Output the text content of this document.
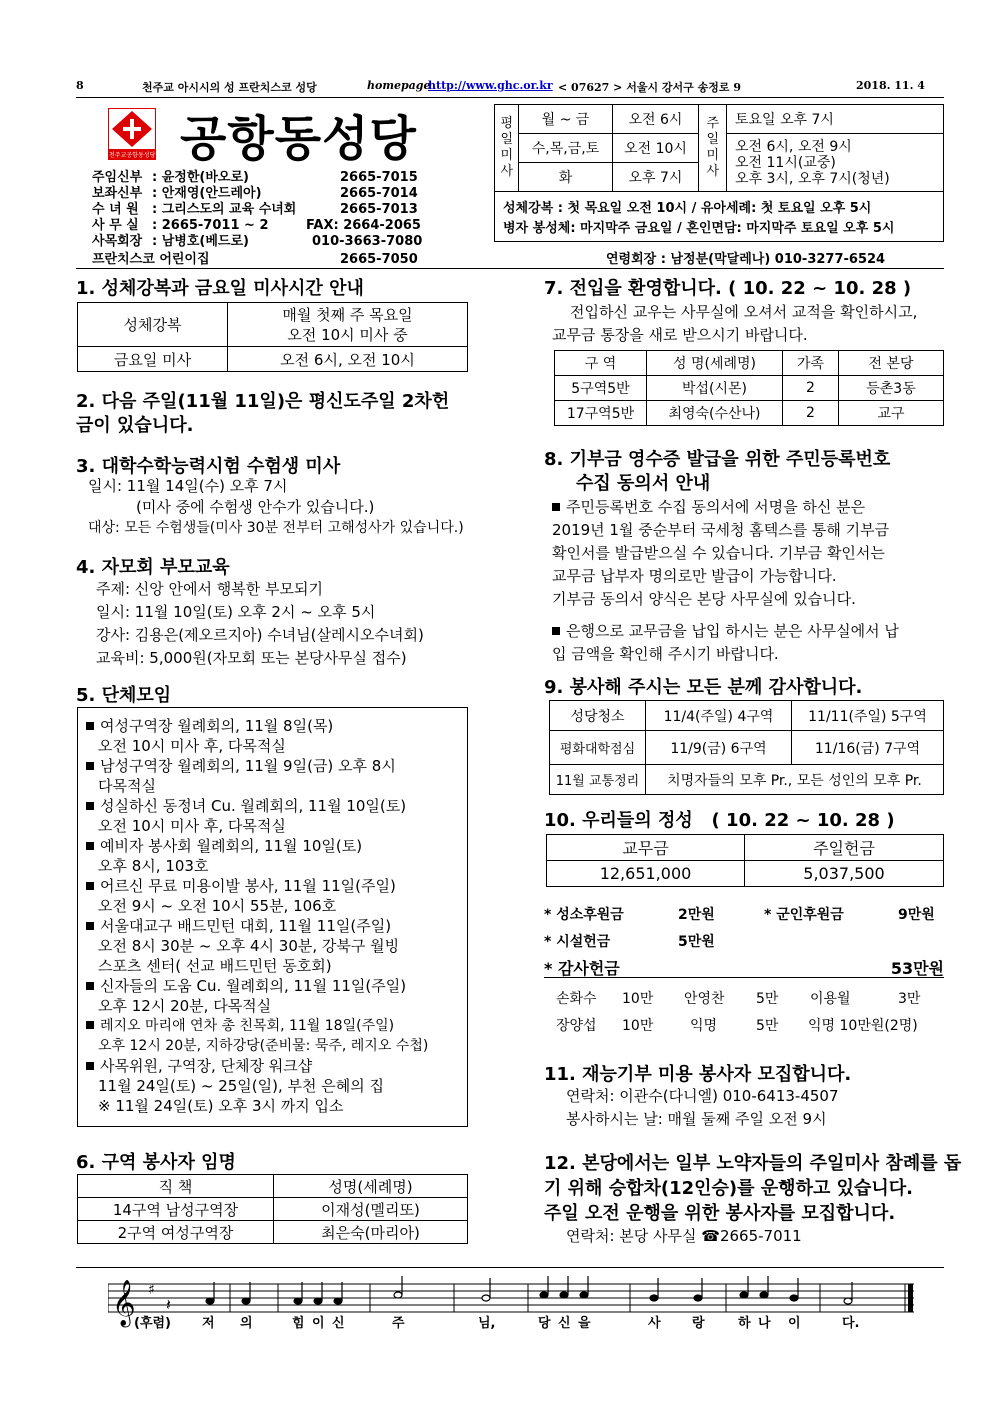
8	천주교 아시시의 성 프란치스코 성당	homepage
http://www.ghc.or.kr < 07627 > 서울시 강서구 송정로 9	2018. 11. 4
천주교공항동성당 공항동성당
주임신부 : 윤정한(바오로)	2665-7015
보좌신부 : 안재영(안드레아)	2665-7014
수 녀 원 : 그리스도의 교육 수녀회	2665-7013
사 무 실 : 2665-7011 ~ 2	FAX: 2664-2065
사목회장 : 남병호(베드로)	010-3663-7080
프란치스코 어린이집	2665-7050
평일미사	월 ~ 금	오전 6시	주일미사	토요일 오후 7시
	수,목,금,토	오전 10시		오전 6시, 오전 9시
오전 11시(교중)
오후 3시, 오후 7시(청년)

	화	오후 7시		
성체강복 : 첫 목요일 오전 10시 / 유아세례: 첫 토요일 오후 5시
병자 봉성체: 마지막주 금요일 / 혼인면담: 마지막주 토요일 오후 5시
연령회장 : 남정분(막달레나) 010-3277-6524
1. 성체강복과 금요일 미사시간 안내
성체강복	매월 첫째 주 목요일
오전 10시 미사 중

금요일 미사	오전 6시, 오전 10시
2. 다음 주일(11월 11일)은 평신도주일 2차헌
금이 있습니다.
3. 대학수학능력시험 수험생 미사
일시: 11월 14일(수) 오후 7시
(미사 중에 수험생 안수가 있습니다.)
대상: 모든 수험생들(미사 30분 전부터 고해성사가 있습니다.)
4. 자모회 부모교육
주제: 신앙 안에서 행복한 부모되기
일시: 11월 10일(토) 오후 2시 ~ 오후 5시
강사: 김용은(제오르지아) 수녀님(살레시오수녀회)
교육비: 5,000원(자모회 또는 본당사무실 접수)
5. 단체모임
여성구역장 월례회의, 11월 8일(목)
오전 10시 미사 후, 다목적실
남성구역장 월례회의, 11월 9일(금) 오후 8시
다목적실
성실하신 동정녀 Cu. 월례회의, 11월 10일(토)
오전 10시 미사 후, 다목적실
예비자 봉사회 월례회의, 11월 10일(토)
오후 8시, 103호
어르신 무료 미용이발 봉사, 11월 11일(주일)
오전 9시 ~ 오전 10시 55분, 106호
서울대교구 배드민턴 대회, 11월 11일(주일)
오전 8시 30분 ~ 오후 4시 30분, 강북구 월빙
스포츠 센터( 선교 배드민턴 동호회)
신자들의 도움 Cu. 월례회의, 11월 11일(주일)
오후 12시 20분, 다목적실
레지오 마리애 연차 총 친목회, 11월 18일(주일)
오후 12시 20분, 지하강당(준비물: 묵주, 레지오 수첩)
사목위원, 구역장, 단체장 워크샵
11월 24일(토) ~ 25일(일), 부천 은혜의 집
※ 11월 24일(토) 오후 3시 까지 입소
6. 구역 봉사자 임명
직 책	성명(세례명)
14구역 남성구역장	이재성(멜리또)
2구역 여성구역장	최은숙(마리아)
7. 전입을 환영합니다. ( 10. 22 ~ 10. 28 )
전입하신 교우는 사무실에 오셔서 교적을 확인하시고,
교무금 통장을 새로 받으시기 바랍니다.
구 역	성 명(세례명)	가족	전 본당
5구역5반	박섭(시몬)	2	등촌3동
17구역5반	최영숙(수산나)	2	교구
8. 기부금 영수증 발급을 위한 주민등록번호
수집 동의서 안내
주민등록번호 수집 동의서에 서명을 하신 분은
2019년 1월 중순부터 국세청 홈텍스를 통해 기부금
확인서를 발급받으실 수 있습니다. 기부금 확인서는
교무금 납부자 명의로만 발급이 가능합니다.
기부금 동의서 양식은 본당 사무실에 있습니다.
은행으로 교무금을 납입 하시는 분은 사무실에서 납
입 금액을 확인해 주시기 바랍니다.
9. 봉사해 주시는 모든 분께 감사합니다.
성당청소	11/4(주일) 4구역	11/11(주일) 5구역
평화대학점심	11/9(금) 6구역	11/16(금) 7구역
11월 교통정리	치명자들의 모후 Pr., 모든 성인의 모후 Pr.	
10. 우리들의 정성   ( 10. 22 ~ 10. 28 )
교무금	주일헌금
12,651,000	5,037,500
* 성소후원금	2만원	* 군인후원금	9만원
* 시설헌금	5만원
* 감사헌금	53만원
손화수 10만 안영찬 5만 이용월	3만
장양섭 10만	익명	5만 익명 10만원(2명)
11. 재능기부 미용 봉사자 모집합니다.
연락처: 이관수(다니엘) 010-6413-4507
봉사하시는 날: 매월 둘째 주일 오전 9시
12. 본당에서는 일부 노약자들의 주일미사 참례를 돕
기 위해 승합차(12인승)를 운행하고 있습니다.
주일 오전 운행을 위한 봉사자를 모집합니다.
연락처: 본당 사무실 ☎2665-7011
𝄞 ♯
𝄽
(후렴) 저 의	힘 이 신	주	님,	당 신 을	사 랑	하 나 이	다.
